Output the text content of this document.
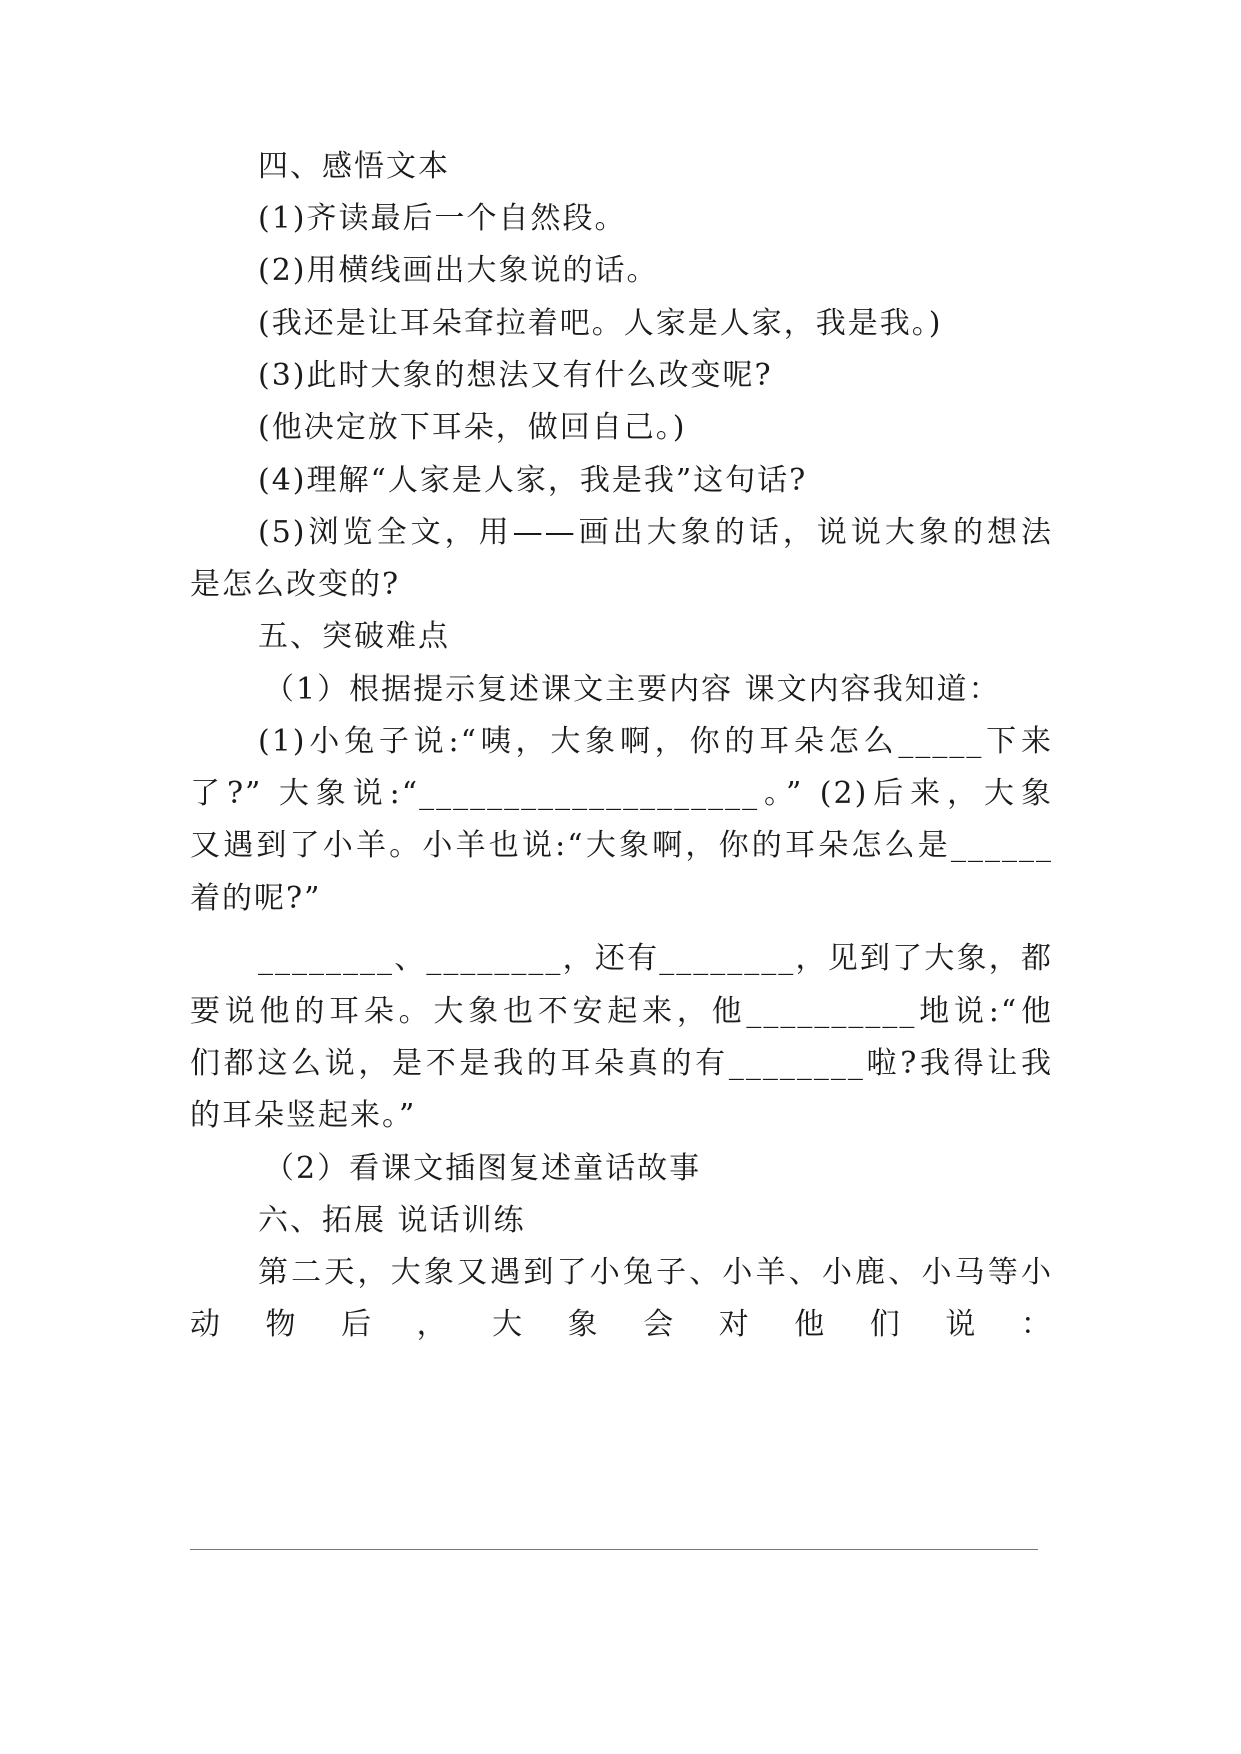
四、感悟文本
(1)齐读最后一个自然段。
(2)用横线画出大象说的话。
(我还是让耳朵耷拉着吧。人家是人家，我是我。)
(3)此时大象的想法又有什么改变呢?
(他决定放下耳朵，做回自己。)
(4)理解“人家是人家，我是我”这句话?
(5)浏览全文，用——画出大象的话，说说大象的想法
是怎么改变的?
五、突破难点
（1）根据提示复述课文主要内容 课文内容我知道：
(1)小兔子说:“咦，大象啊，你的耳朵怎么_____下来
了?” 大象说:“____________________。” (2)后来，大象
又遇到了小羊。小羊也说:“大象啊，你的耳朵怎么是______
着的呢?”
________、________，还有________，见到了大象，都
要说他的耳朵。大象也不安起来，他__________地说:“他
们都这么说，是不是我的耳朵真的有________啦?我得让我
的耳朵竖起来。”
（2）看课文插图复述童话故事
六、拓展 说话训练
第二天，大象又遇到了小兔子、小羊、小鹿、小马等小
动 物 后 ， 大 象 会 对 他 们 说 ：
